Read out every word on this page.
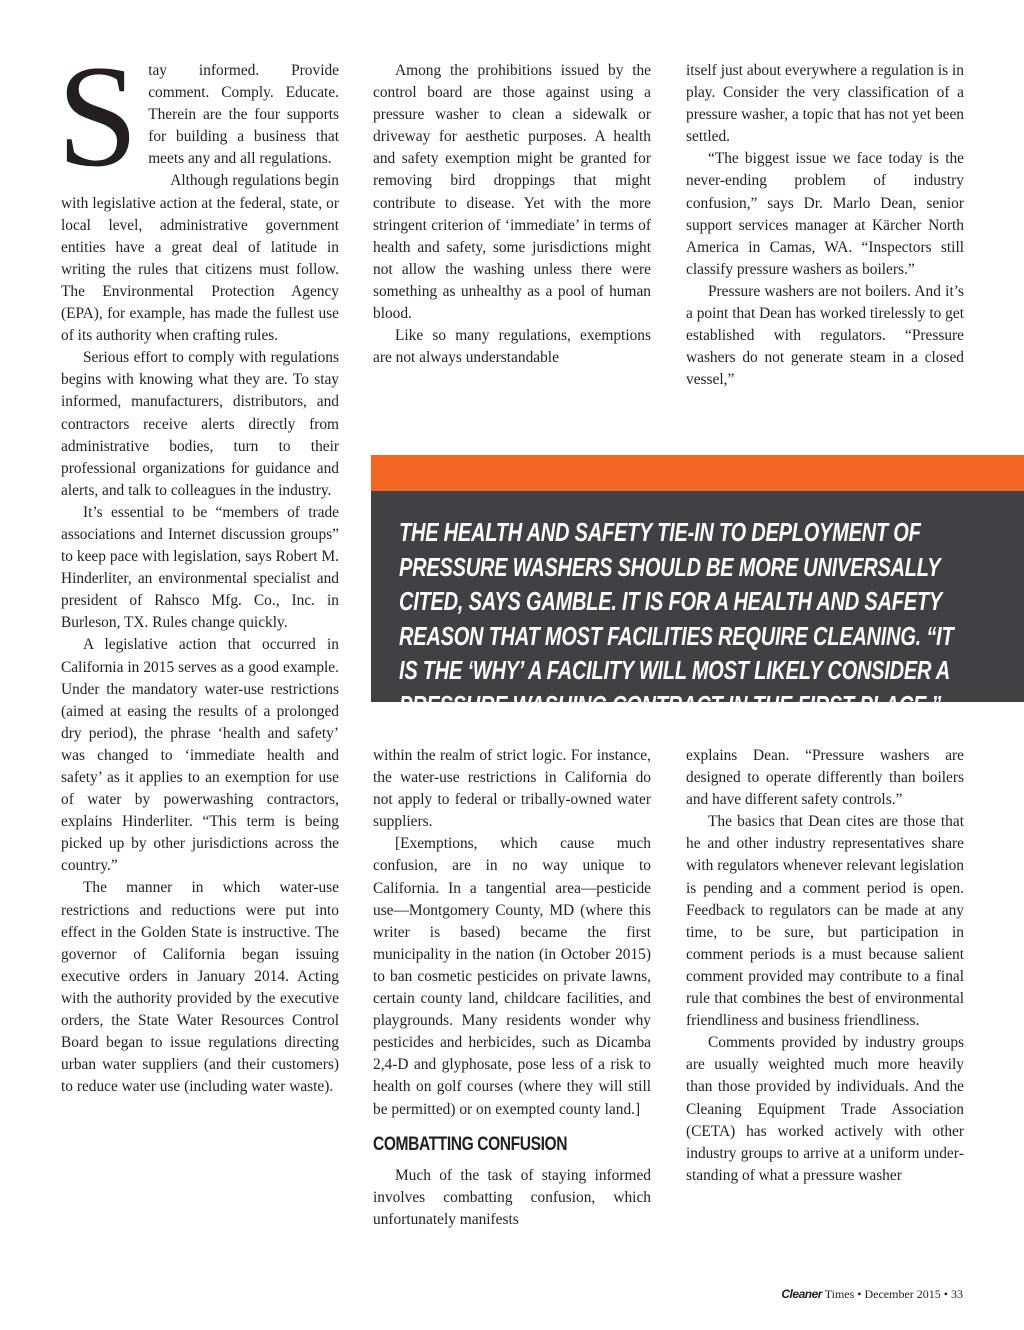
Stay informed. Provide comment. Comply. Educate. Therein are the four supports for building a business that meets any and all regulations.

Although regulations begin with legislative action at the federal, state, or local level, administrative government entities have a great deal of latitude in writing the rules that citizens must follow. The Environmental Protection Agency (EPA), for example, has made the fullest use of its authority when crafting rules.

Serious effort to comply with regulations begins with knowing what they are. To stay informed, manufacturers, distributors, and contractors receive alerts directly from administrative bodies, turn to their professional organizations for guidance and alerts, and talk to colleagues in the industry.

It’s essential to be “members of trade associations and Internet discussion groups” to keep pace with legislation, says Robert M. Hinderliter, an environmental specialist and president of Rahsco Mfg. Co., Inc. in Burleson, TX. Rules change quickly.

A legislative action that occurred in California in 2015 serves as a good example. Under the mandatory water-use restrictions (aimed at easing the results of a prolonged dry period), the phrase ‘health and safety’ was changed to ‘immediate health and safety’ as it applies to an exemption for use of water by powerwashing contractors, explains Hinderliter. “This term is being picked up by other jurisdictions across the country.”

The manner in which water-use restrictions and reductions were put into effect in the Golden State is instructive. The governor of California began issuing executive orders in January 2014. Acting with the authority provided by the executive orders, the State Water Resources Control Board began to issue regulations directing urban water suppliers (and their customers) to reduce water use (including water waste).

Among the prohibitions issued by the control board are those against using a pressure washer to clean a sidewalk or driveway for aesthetic purposes. A health and safety exemption might be granted for removing bird droppings that might contribute to disease. Yet with the more stringent criterion of ‘immediate’ in terms of health and safety, some jurisdictions might not allow the washing unless there were something as unhealthy as a pool of human blood.

Like so many regulations, exemptions are not always understandable

itself just about everywhere a regulation is in play. Consider the very classification of a pressure washer, a topic that has not yet been settled.

“The biggest issue we face today is the never-ending problem of industry confusion,” says Dr. Marlo Dean, senior support services manager at Kärcher North America in Camas, WA. “Inspectors still classify pressure washers as boilers.”

Pressure washers are not boilers. And it’s a point that Dean has worked tirelessly to get established with regulators. “Pressure washers do not generate steam in a closed vessel,”

THE HEALTH AND SAFETY TIE-IN TO DEPLOYMENT OF PRESSURE WASHERS SHOULD BE MORE UNIVERSALLY CITED, SAYS GAMBLE. IT IS FOR A HEALTH AND SAFETY REASON THAT MOST FACILITIES REQUIRE CLEANING. “IT IS THE ‘WHY’ A FACILITY WILL MOST LIKELY CONSIDER A PRESSURE WASHING CONTRACT IN THE FIRST PLACE,” HE EXPLAINS.

within the realm of strict logic. For instance, the water-use restrictions in California do not apply to federal or tribally-owned water suppliers.

[Exemptions, which cause much confusion, are in no way unique to California. In a tangential area—pesticide use—Montgomery County, MD (where this writer is based) became the first municipality in the nation (in October 2015) to ban cosmetic pesticides on private lawns, certain county land, childcare facilities, and playgrounds. Many residents wonder why pesticides and herbicides, such as Dicamba 2,4-D and glyphosate, pose less of a risk to health on golf courses (where they will still be permitted) or on exempted county land.]

COMBATTING CONFUSION

Much of the task of staying informed involves combatting confusion, which unfortunately manifests

explains Dean. “Pressure washers are designed to operate differently than boilers and have different safety controls.”

The basics that Dean cites are those that he and other industry representatives share with regulators whenever relevant legislation is pending and a comment period is open. Feedback to regulators can be made at any time, to be sure, but participation in comment periods is a must because salient comment provided may contribute to a final rule that combines the best of environmental friendliness and business friendliness.

Comments provided by industry groups are usually weighted much more heavily than those provided by individuals. And the Cleaning Equipment Trade Association (CETA) has worked actively with other industry groups to arrive at a uniform understanding of what a pressure washer

Cleaner Times • December 2015 • 33
